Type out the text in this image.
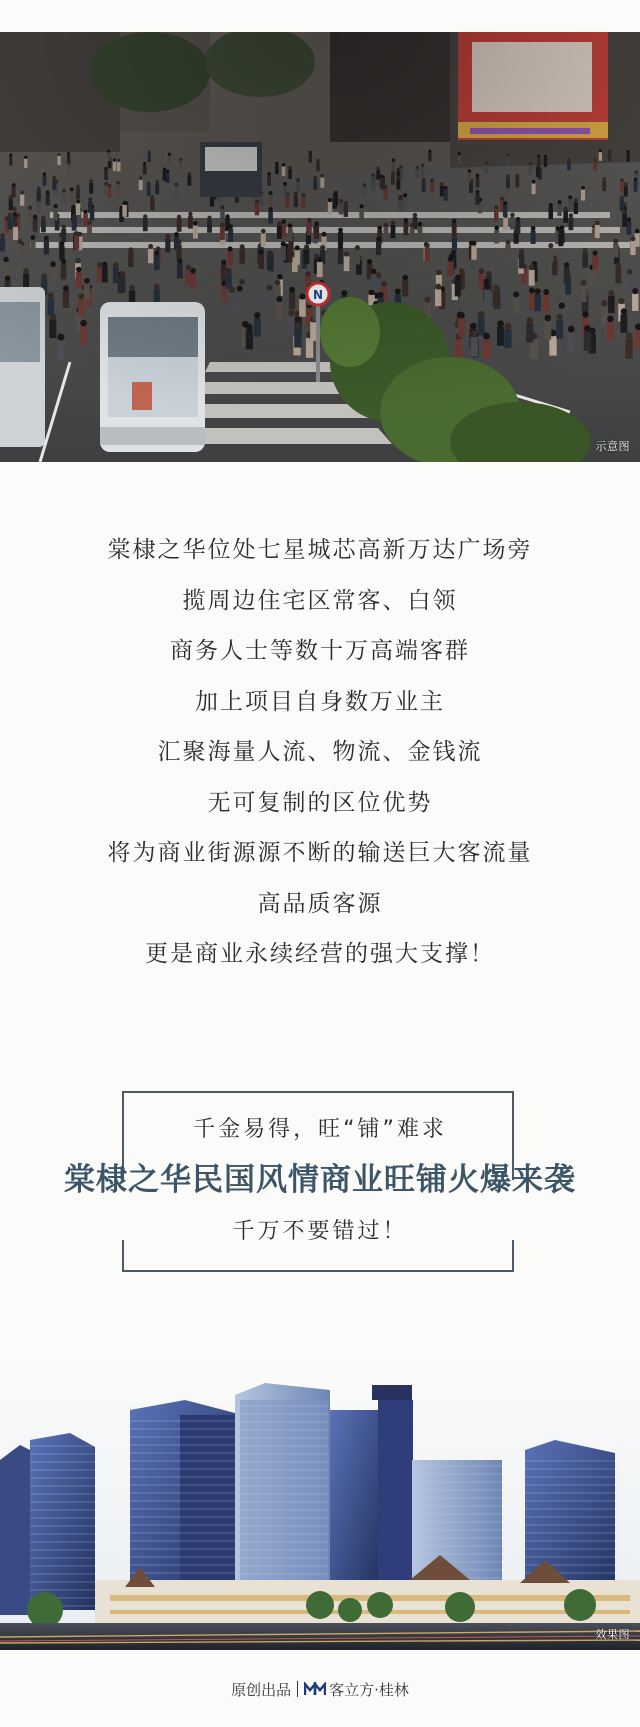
示意图
棠棣之华位处七星城芯高新万达广场旁
揽周边住宅区常客、白领
商务人士等数十万高端客群
加上项目自身数万业主
汇聚海量人流、物流、金钱流
无可复制的区位优势
将为商业街源源不断的输送巨大客流量
高品质客源
更是商业永续经营的强大支撑！
千金易得，旺“铺”难求
棠棣之华民国风情商业旺铺火爆来袭
千万不要错过！
效果图
原创出品	客立方·桂林
